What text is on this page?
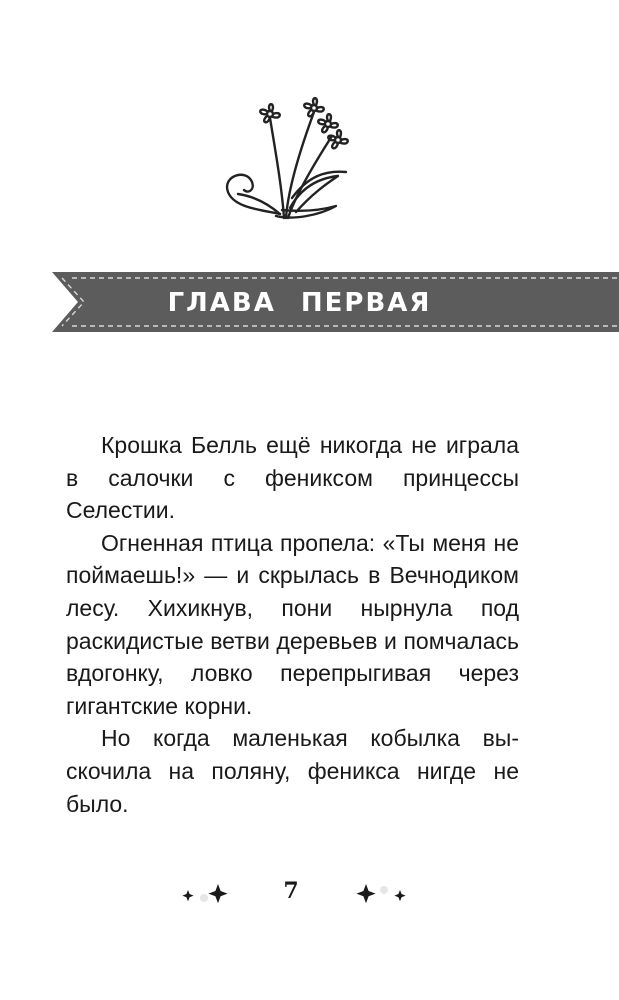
ГЛАВА ПЕРВАЯ

Крошка Белль ещё никогда не играла в салочки с фениксом принцессы Селестии.

Огненная птица пропела: «Ты меня не поймаешь!» — и скрылась в Вечнодиком лесу. Хихикнув, пони нырнула под раскидистые ветви деревьев и помчалась вдогонку, ловко перепрыгивая через гигантские корни.

Но когда маленькая кобылка выскочила на поляну, феникса нигде не было.

7
